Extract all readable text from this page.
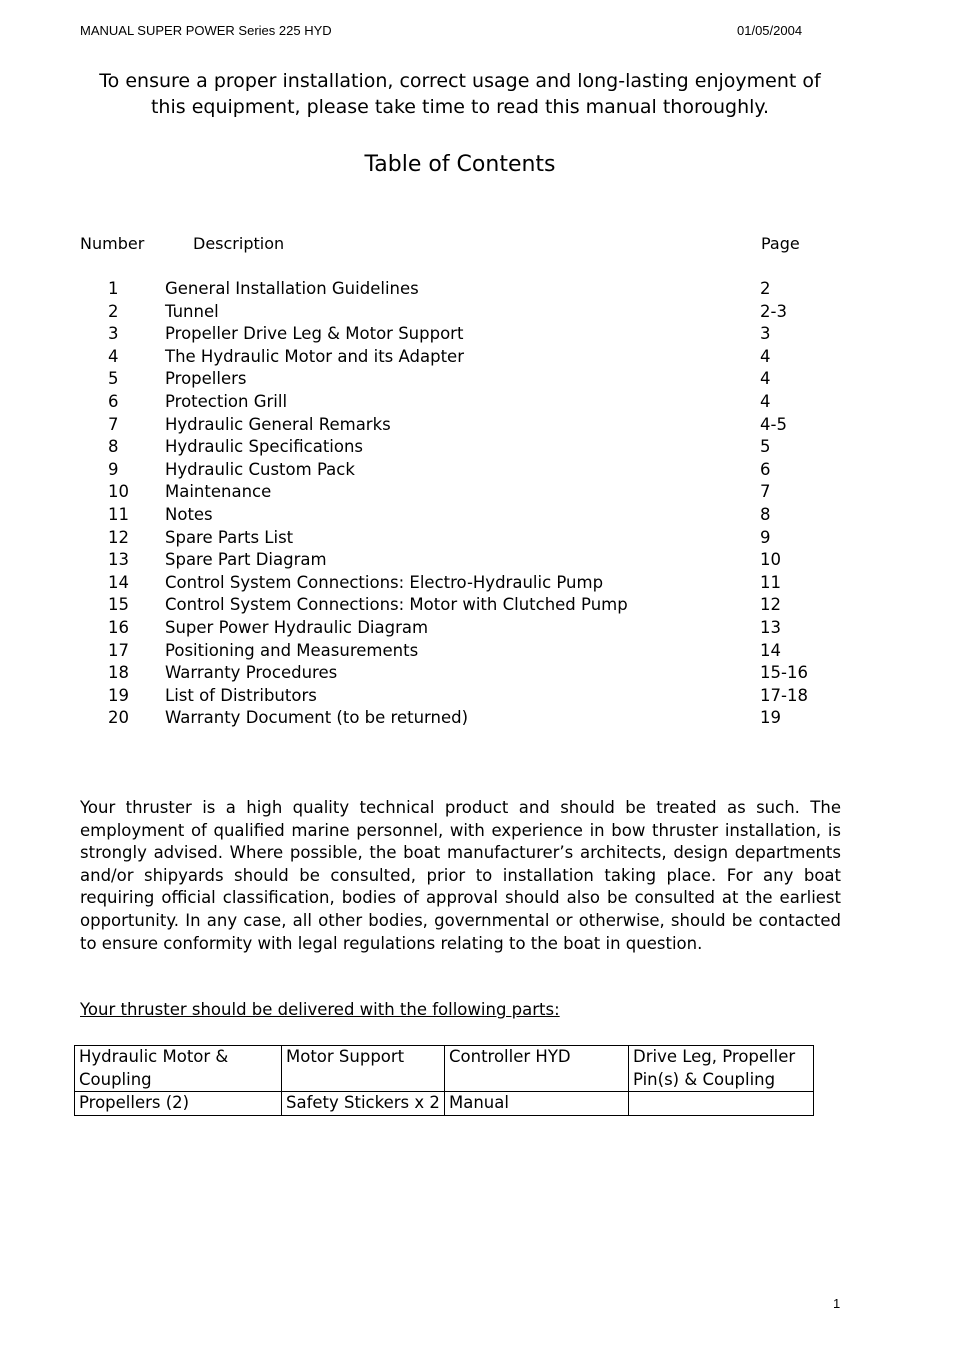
MANUAL SUPER POWER Series 225 HYD	01/05/2004
To ensure a proper installation, correct usage and long-lasting enjoyment of this equipment, please take time to read this manual thoroughly.
Table of Contents
Number	Description	Page
1	General Installation Guidelines	2
2	Tunnel	2-3
3	Propeller Drive Leg & Motor Support	3
4	The Hydraulic Motor and its Adapter	4
5	Propellers	4
6	Protection Grill	4
7	Hydraulic General Remarks	4-5
8	Hydraulic Specifications	5
9	Hydraulic Custom Pack	6
10 Maintenance	7
11 Notes	8
12 Spare Parts List	9
13 Spare Part Diagram	10
14 Control System Connections: Electro-Hydraulic Pump	11
15 Control System Connections: Motor with Clutched Pump	12
16 Super Power Hydraulic Diagram	13
17 Positioning and Measurements	14
18 Warranty Procedures	15-16
19 List of Distributors	17-18
20 Warranty Document (to be returned)	19

Your thruster is a high quality technical product and should be treated as such. The employment of qualified marine personnel, with experience in bow thruster installation, is strongly advised. Where possible, the boat manufacturer’s architects, design departments and/or shipyards should be consulted, prior to installation taking place. For any boat requiring official classification, bodies of approval should also be consulted at the earliest opportunity. In any case, all other bodies, governmental or otherwise, should be contacted to ensure conformity with legal regulations relating to the boat in question.

Your thruster should be delivered with the following parts:

Hydraulic Motor & Coupling	Motor Support	Controller HYD	Drive Leg, Propeller Pin(s) & Coupling
Propellers (2)	Safety Stickers x 2	Manual	
1
